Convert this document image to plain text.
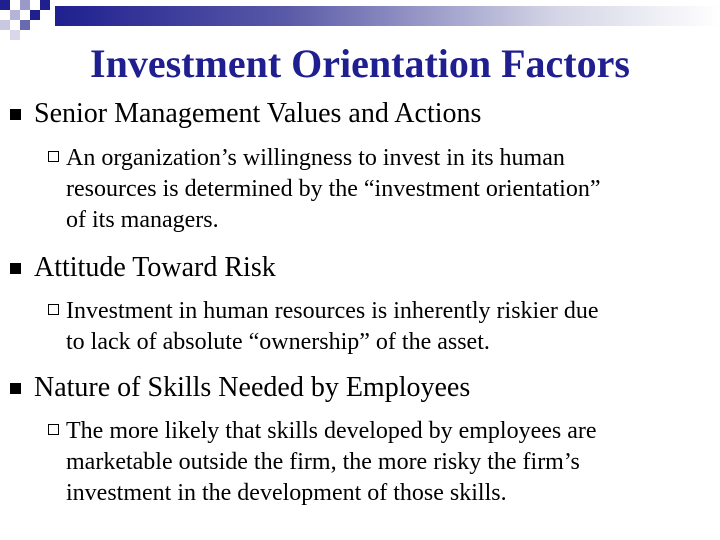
Investment Orientation Factors
Senior Management Values and Actions
An organization’s willingness to invest in its human
resources is determined by the “investment orientation”
of its managers.
Attitude Toward Risk
Investment in human resources is inherently riskier due
to lack of absolute “ownership” of the asset.
Nature of Skills Needed by Employees
The more likely that skills developed by employees are
marketable outside the firm, the more risky the firm’s
investment in the development of those skills.
